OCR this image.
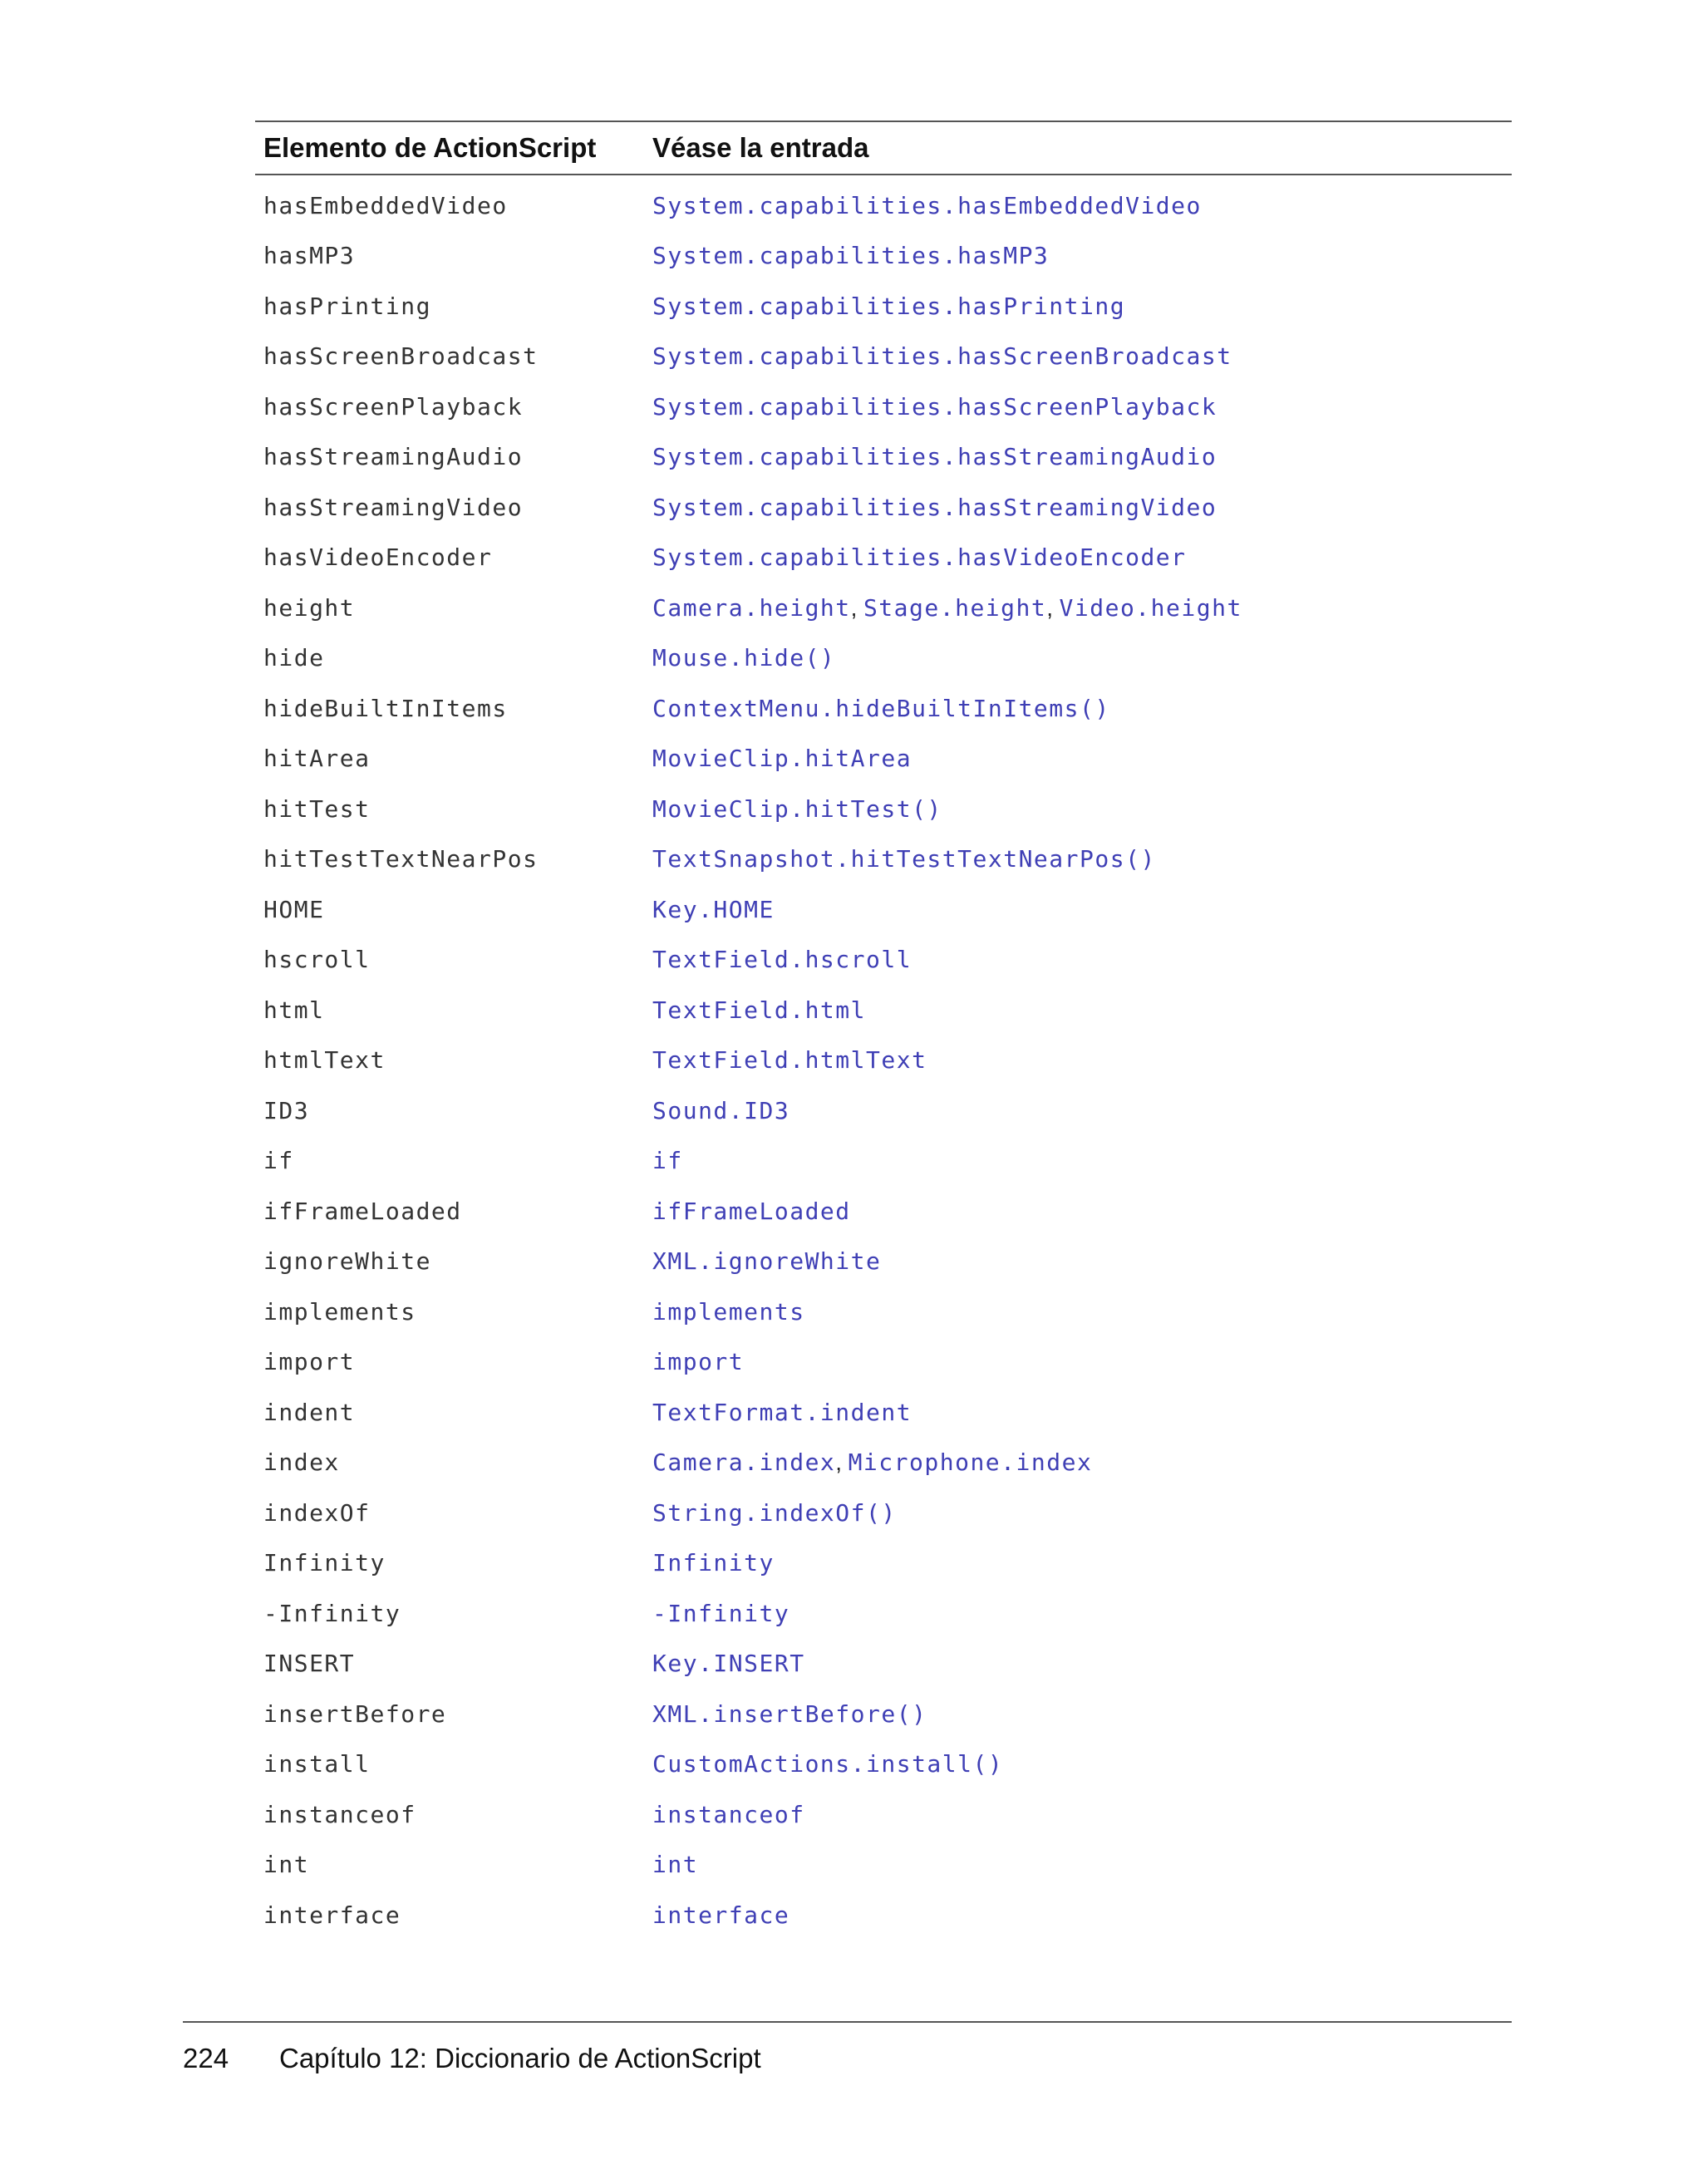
Elemento de ActionScript	Véase la entrada
hasEmbeddedVideo	System.capabilities.hasEmbeddedVideo
hasMP3	System.capabilities.hasMP3
hasPrinting	System.capabilities.hasPrinting
hasScreenBroadcast	System.capabilities.hasScreenBroadcast
hasScreenPlayback	System.capabilities.hasScreenPlayback
hasStreamingAudio	System.capabilities.hasStreamingAudio
hasStreamingVideo	System.capabilities.hasStreamingVideo
hasVideoEncoder	System.capabilities.hasVideoEncoder
height	Camera.height, Stage.height, Video.height
hide	Mouse.hide()
hideBuiltInItems	ContextMenu.hideBuiltInItems()
hitArea	MovieClip.hitArea
hitTest	MovieClip.hitTest()
hitTestTextNearPos	TextSnapshot.hitTestTextNearPos()
HOME	Key.HOME
hscroll	TextField.hscroll
html	TextField.html
htmlText	TextField.htmlText
ID3	Sound.ID3
if	if
ifFrameLoaded	ifFrameLoaded
ignoreWhite	XML.ignoreWhite
implements	implements
import	import
indent	TextFormat.indent
index	Camera.index, Microphone.index
indexOf	String.indexOf()
Infinity	Infinity
-Infinity	-Infinity
INSERT	Key.INSERT
insertBefore	XML.insertBefore()
install	CustomActions.install()
instanceof	instanceof
int	int
interface	interface
224	Capítulo 12: Diccionario de ActionScript
